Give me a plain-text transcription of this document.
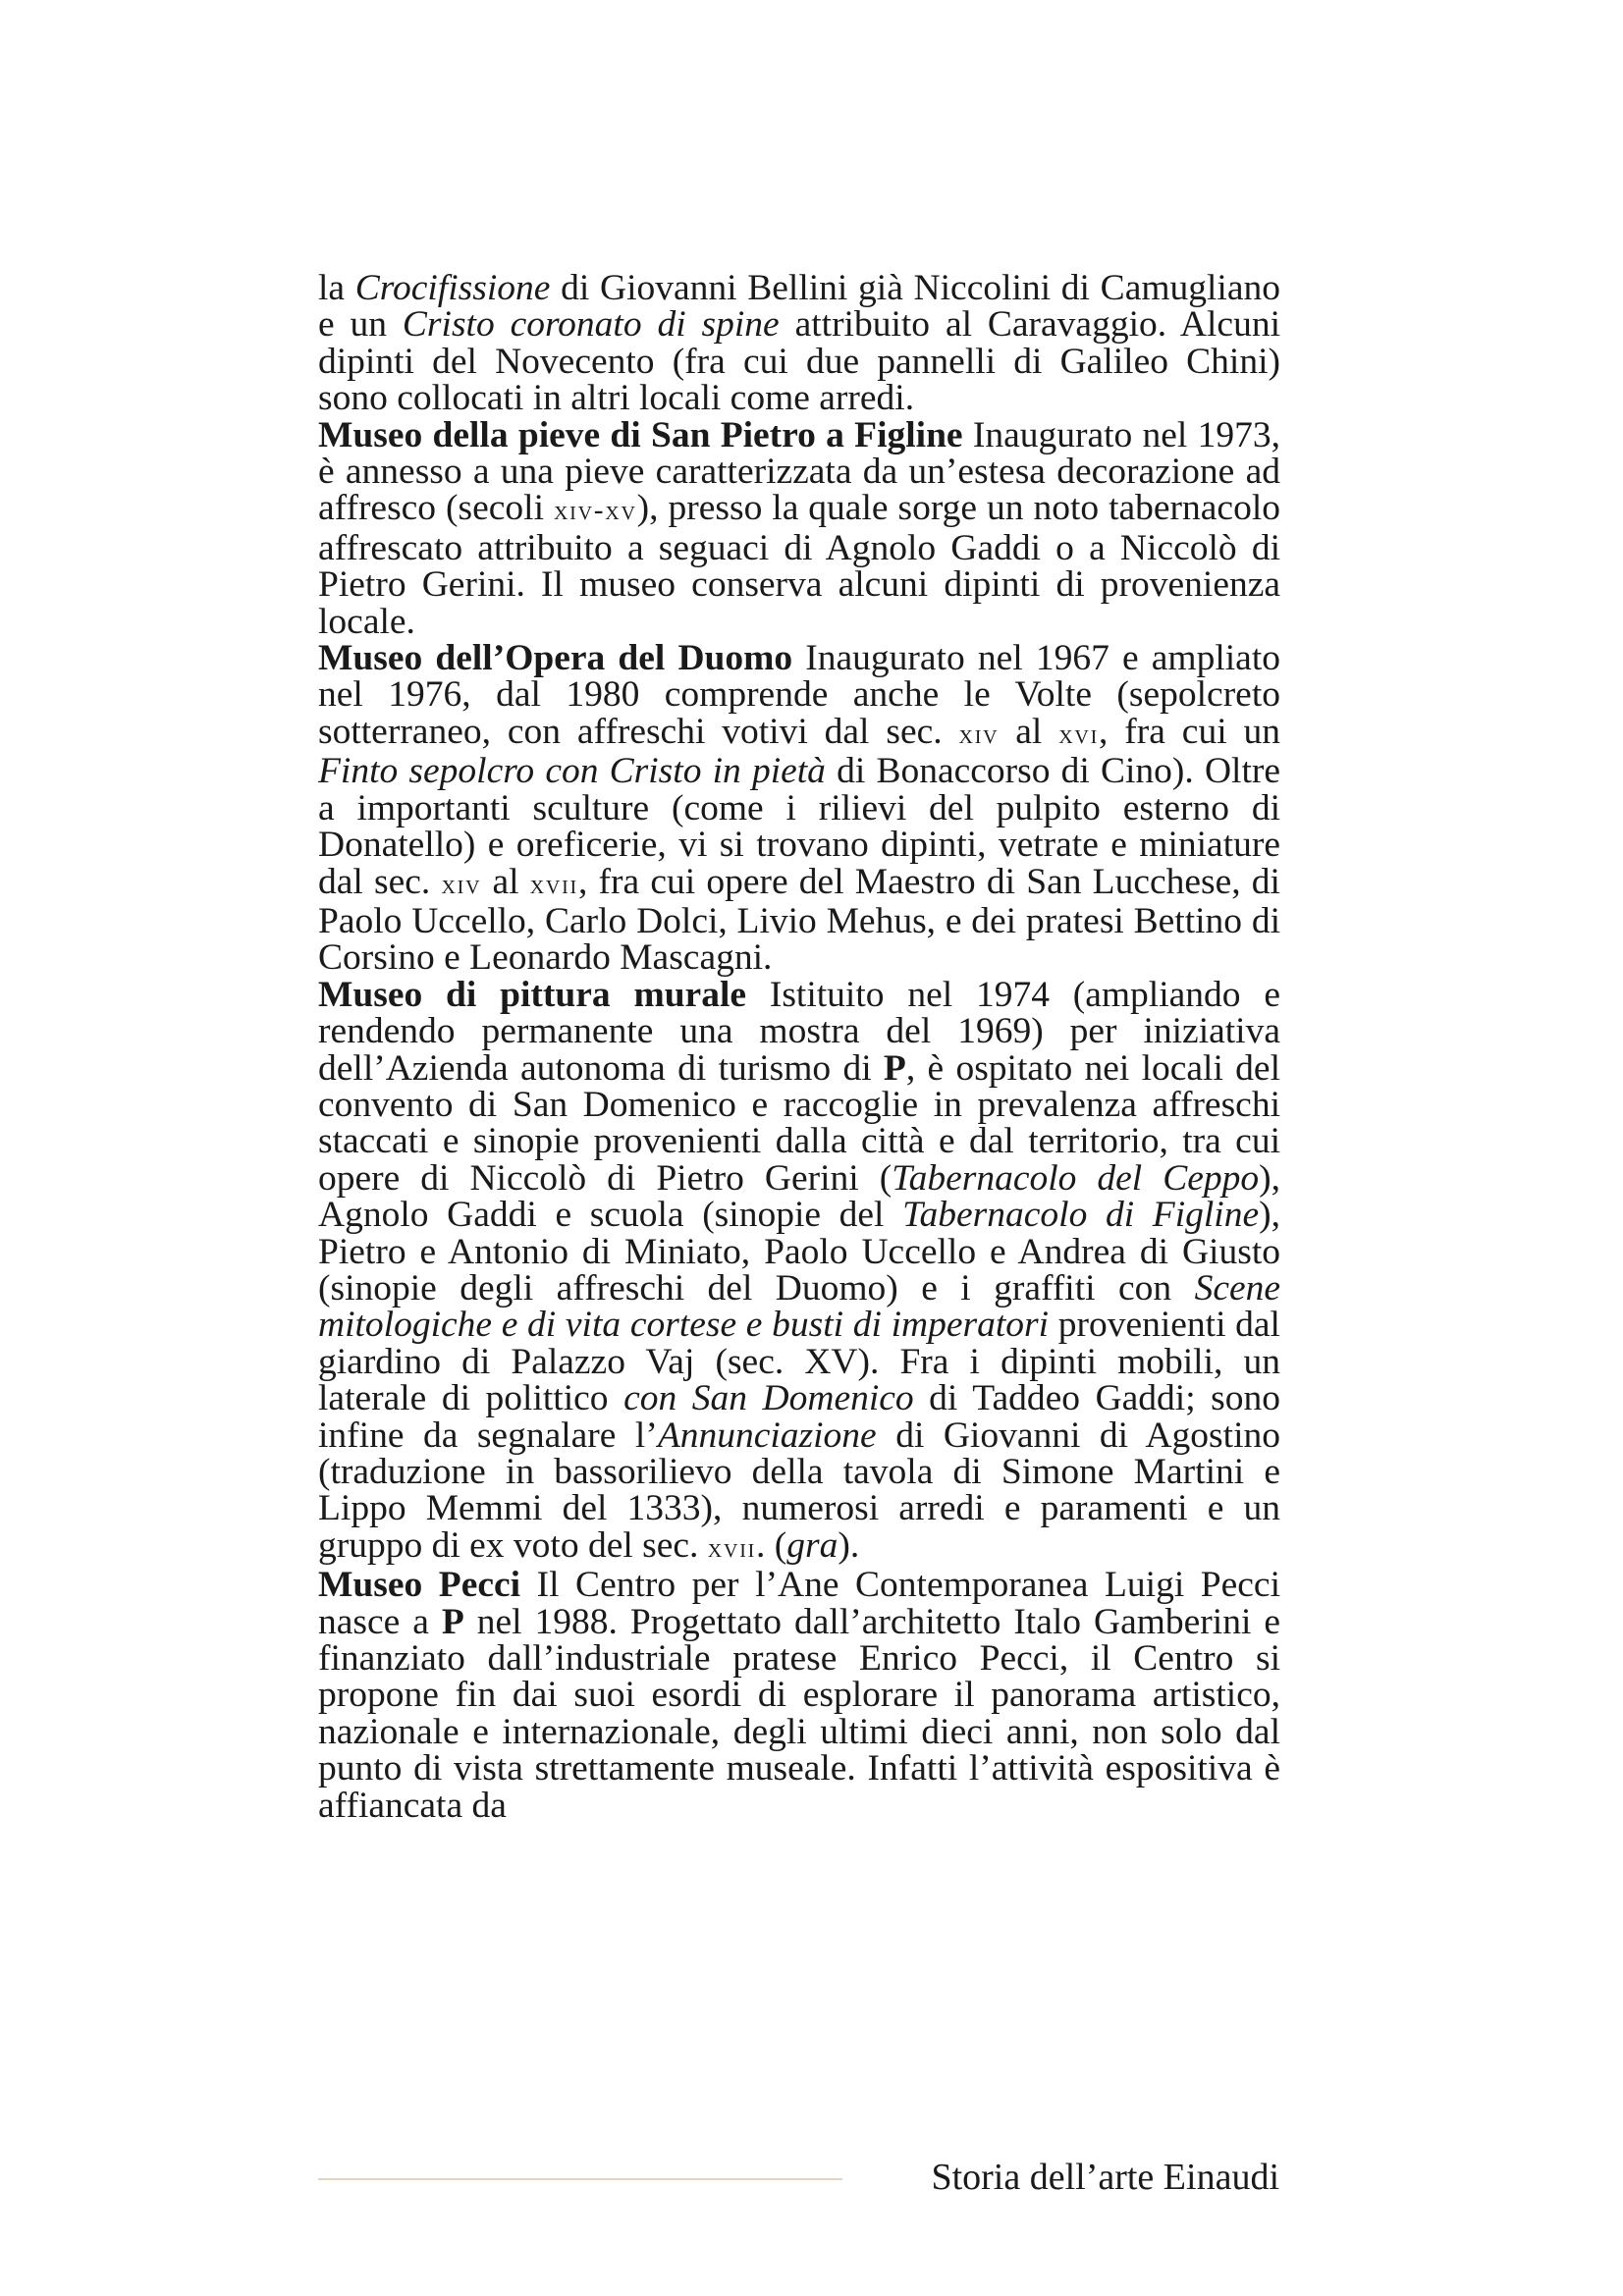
la Crocifissione di Giovanni Bellini già Niccolini di Camugliano e un Cristo coronato di spine attribuito al Caravaggio. Alcuni dipinti del Novecento (fra cui due pannelli di Galileo Chini) sono collocati in altri locali come arredi.

Museo della pieve di San Pietro a Figline Inaugurato nel 1973, è annesso a una pieve caratterizzata da un’estesa decorazione ad affresco (secoli xiv-xv), presso la quale sorge un noto tabernacolo affrescato attribuito a seguaci di Agnolo Gaddi o a Niccolò di Pietro Gerini. Il museo conserva alcuni dipinti di provenienza locale.

Museo dell’Opera del Duomo Inaugurato nel 1967 e ampliato nel 1976, dal 1980 comprende anche le Volte (sepolcreto sotterraneo, con affreschi votivi dal sec. xiv al xvi, fra cui un Finto sepolcro con Cristo in pietà di Bonaccorso di Cino). Oltre a importanti sculture (come i rilievi del pulpito esterno di Donatello) e oreficerie, vi si trovano dipinti, vetrate e miniature dal sec. xiv al xvii, fra cui opere del Maestro di San Lucchese, di Paolo Uccello, Carlo Dolci, Livio Mehus, e dei pratesi Bettino di Corsino e Leonardo Mascagni.

Museo di pittura murale Istituito nel 1974 (ampliando e rendendo permanente una mostra del 1969) per iniziativa dell’Azienda autonoma di turismo di P, è ospitato nei locali del convento di San Domenico e raccoglie in prevalenza affreschi staccati e sinopie provenienti dalla città e dal territorio, tra cui opere di Niccolò di Pietro Gerini (Tabernacolo del Ceppo), Agnolo Gaddi e scuola (sinopie del Tabernacolo di Figline), Pietro e Antonio di Miniato, Paolo Uccello e Andrea di Giusto (sinopie degli affreschi del Duomo) e i graffiti con Scene mitologiche e di vita cortese e busti di imperatori provenienti dal giardino di Palazzo Vaj (sec. XV). Fra i dipinti mobili, un laterale di polittico con San Domenico di Taddeo Gaddi; sono infine da segnalare l’Annunciazione di Giovanni di Agostino (traduzione in bassorilievo della tavola di Simone Martini e Lippo Memmi del 1333), numerosi arredi e paramenti e un gruppo di ex voto del sec. xvii. (gra).

Museo Pecci Il Centro per l’Ane Contemporanea Luigi Pecci nasce a P nel 1988. Progettato dall’architetto Italo Gamberini e finanziato dall’industriale pratese Enrico Pecci, il Centro si propone fin dai suoi esordi di esplorare il panorama artistico, nazionale e internazionale, degli ultimi dieci anni, non solo dal punto di vista strettamente museale. Infatti l’attività espositiva è affiancata da

Storia dell’arte Einaudi
